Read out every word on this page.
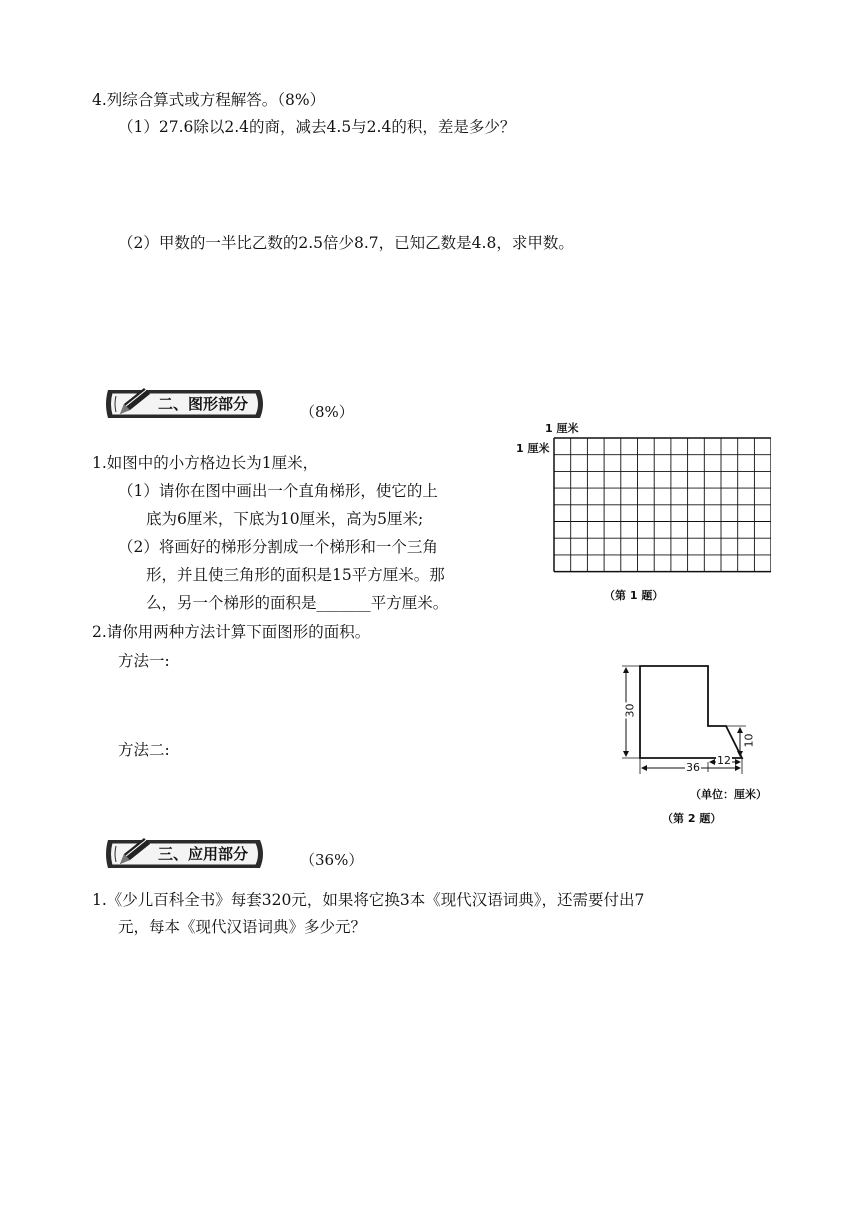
4.列综合算式或方程解答。（8%）
（1）27.6除以2.4的商，减去4.5与2.4的积，差是多少？
（2）甲数的一半比乙数的2.5倍少8.7，已知乙数是4.8，求甲数。
二、图形部分	（8%）
1.如图中的小方格边长为1厘米，
（1）请你在图中画出一个直角梯形，使它的上
底为6厘米，下底为10厘米，高为5厘米;
（2）将画好的梯形分割成一个梯形和一个三角
形，并且使三角形的面积是15平方厘米。那
么，另一个梯形的面积是_______平方厘米。
1 厘米
1 厘米
（第 1 题）
2.请你用两种方法计算下面图形的面积。
方法一:
方法二:
30
10
36
12
（单位：厘米）
（第 2 题）
三、应用部分	（36%）
1.《少儿百科全书》每套320元，如果将它换3本《现代汉语词典》，还需要付出7
元，每本《现代汉语词典》多少元？
